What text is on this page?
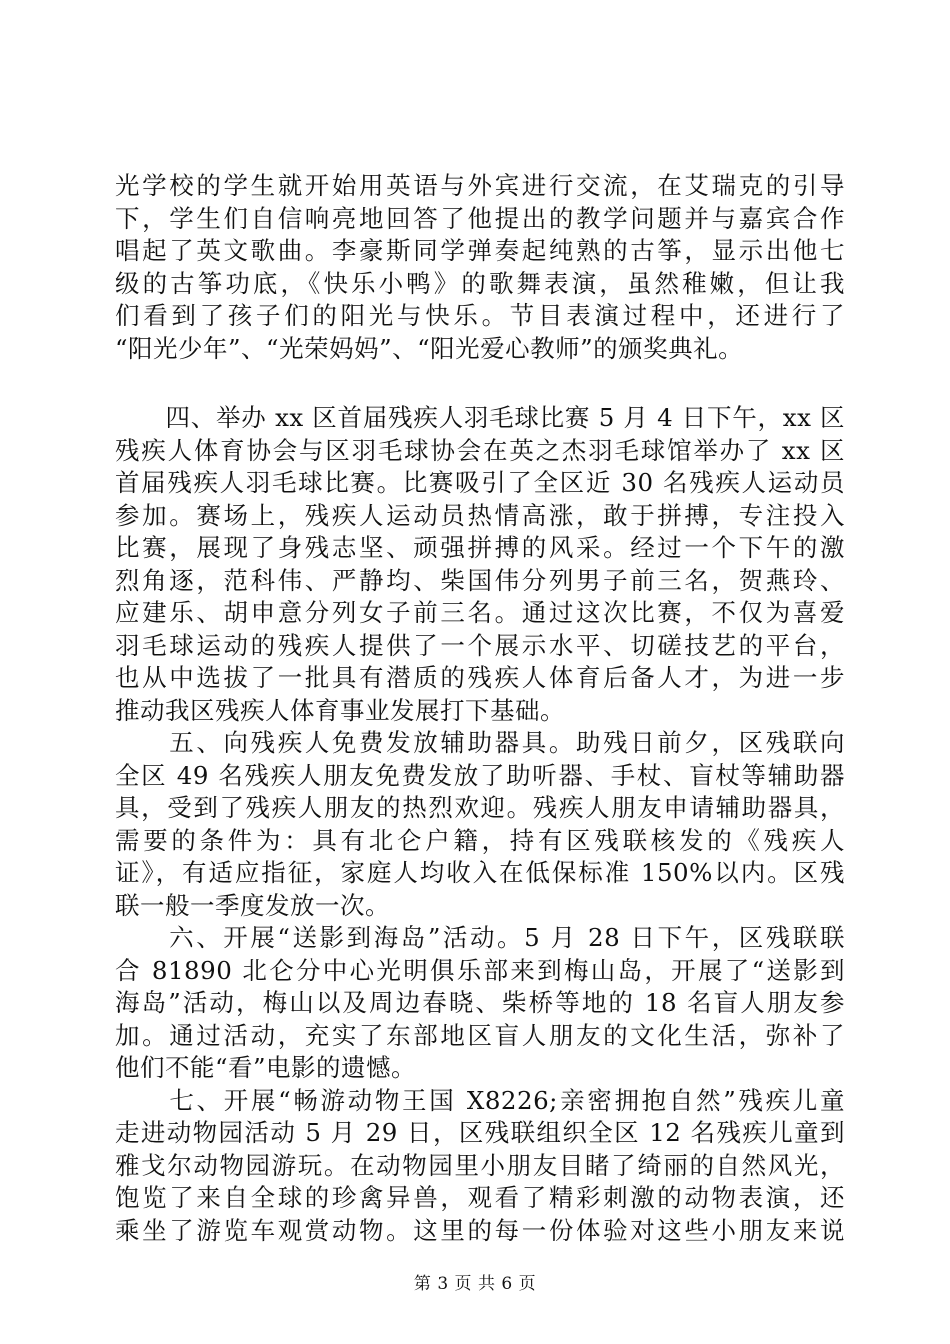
光学校的学生就开始用英语与外宾进行交流，在艾瑞克的引导
下，学生们自信响亮地回答了他提出的教学问题并与嘉宾合作
唱起了英文歌曲。李豪斯同学弹奏起纯熟的古筝，显示出他七
级的古筝功底，《快乐小鸭》的歌舞表演，虽然稚嫩，但让我
们看到了孩子们的阳光与快乐。节目表演过程中，还进行了
“阳光少年”、“光荣妈妈”、“阳光爱心教师”的颁奖典礼。
　　四、举办 xx 区首届残疾人羽毛球比赛 5 月 4 日下午，xx 区
残疾人体育协会与区羽毛球协会在英之杰羽毛球馆举办了 xx 区
首届残疾人羽毛球比赛。比赛吸引了全区近 30 名残疾人运动员
参加。赛场上，残疾人运动员热情高涨，敢于拼搏，专注投入
比赛，展现了身残志坚、顽强拼搏的风采。经过一个下午的激
烈角逐，范科伟、严静均、柴国伟分列男子前三名，贺燕玲、
应建乐、胡申意分列女子前三名。通过这次比赛，不仅为喜爱
羽毛球运动的残疾人提供了一个展示水平、切磋技艺的平台，
也从中选拔了一批具有潜质的残疾人体育后备人才，为进一步
推动我区残疾人体育事业发展打下基础。
　　五、向残疾人免费发放辅助器具。助残日前夕，区残联向
全区 49 名残疾人朋友免费发放了助听器、手杖、盲杖等辅助器
具，受到了残疾人朋友的热烈欢迎。残疾人朋友申请辅助器具，
需要的条件为：具有北仑户籍，持有区残联核发的《残疾人
证》，有适应指征，家庭人均收入在低保标准 150%以内。区残
联一般一季度发放一次。
　　六、开展“送影到海岛”活动。5 月 28 日下午，区残联联
合 81890 北仑分中心光明俱乐部来到梅山岛，开展了“送影到
海岛”活动，梅山以及周边春晓、柴桥等地的 18 名盲人朋友参
加。通过活动，充实了东部地区盲人朋友的文化生活，弥补了
他们不能“看”电影的遗憾。
　　七、开展“畅游动物王国 X8226;亲密拥抱自然”残疾儿童
走进动物园活动 5 月 29 日，区残联组织全区 12 名残疾儿童到
雅戈尔动物园游玩。在动物园里小朋友目睹了绮丽的自然风光，
饱览了来自全球的珍禽异兽，观看了精彩刺激的动物表演，还
乘坐了游览车观赏动物。这里的每一份体验对这些小朋友来说
第 3 页 共 6 页
